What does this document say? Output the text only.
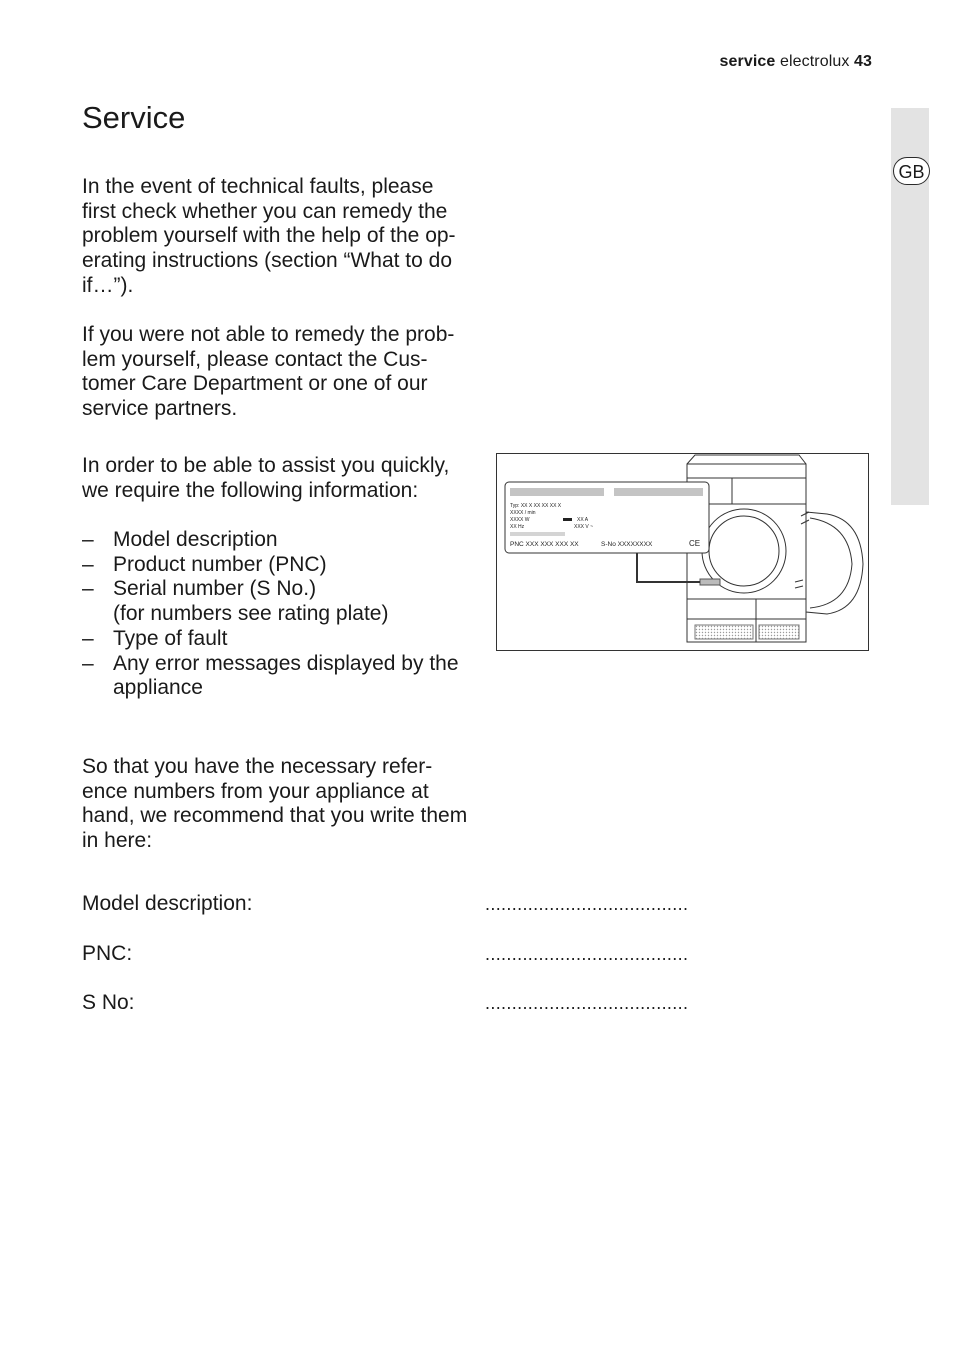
service electrolux 43
GB
Service

In the event of technical faults, please first check whether you can remedy the problem yourself with the help of the op-erating instructions (section “What to do if…”).

If you were not able to remedy the prob-lem yourself, please contact the Cus-tomer Care Department or one of our service partners.

In order to be able to assist you quickly, we require the following information:

– Model description
– Product number (PNC)
– Serial number (S No.)
(for numbers see rating plate)
– Type of fault
– Any error messages displayed by the appliance

So that you have the necessary refer-ence numbers from your appliance at hand, we recommend that you write them in here:

Model description:	......................................
PNC:	......................................
S No:	......................................
Typ: XX X XX XX XX X
XXXX / min
XXXX W	XX A
XX Hz	XXX V ~
PNC XXX XXX XXX XX	S-No XXXXXXXX	CE
